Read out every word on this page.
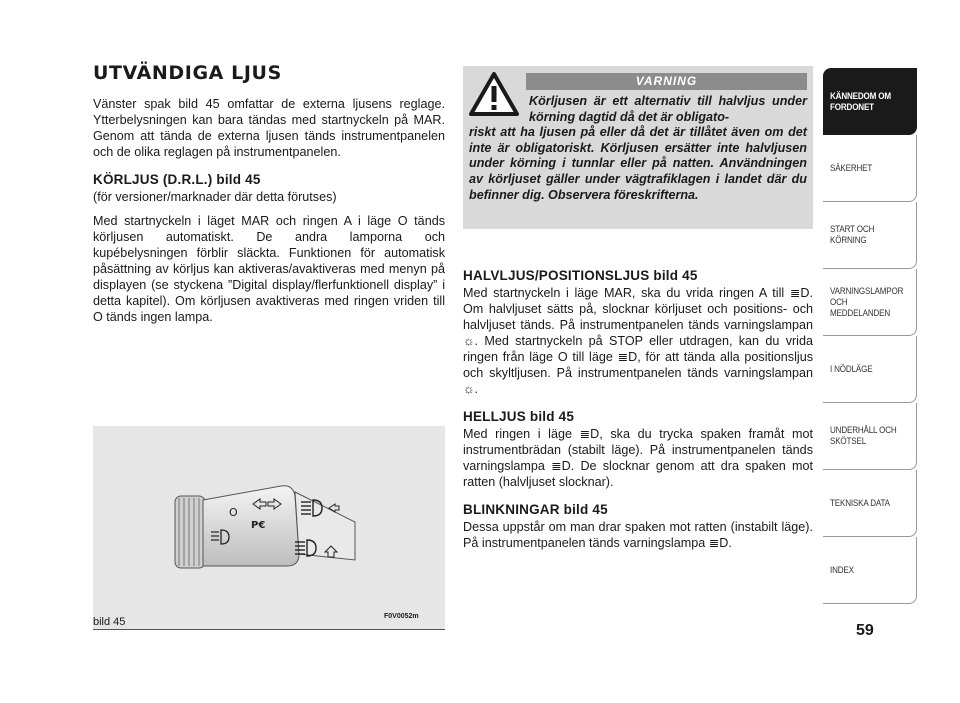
UTVÄNDIGA LJUS

Vänster spak bild 45 omfattar de externa ljusens reglage. Ytterbelysningen kan bara tändas med startnyckeln på MAR. Genom att tända de externa ljusen tänds instrumentpanelen och de olika reglagen på instrumentpanelen.

KÖRLJUS (D.R.L.) bild 45
(för versioner/marknader där detta förutses)

Med startnyckeln i läget MAR och ringen A i läge O tänds körljusen automatiskt. De andra lamporna och kupébelysningen förblir släckta. Funktionen för automatisk påsättning av körljus kan aktiveras/avaktiveras med menyn på displayen (se styckena ”Digital display/flerfunktionell display” i detta kapitel). Om körljusen avaktiveras med ringen vriden till O tänds ingen lampa.

VARNING
Körljusen är ett alternativ till halvljus under körning dagtid då det är obligato-
riskt att ha ljusen på eller då det är tillåtet även om det inte är obligatoriskt. Körljusen ersätter inte halvljusen under körning i tunnlar eller på natten. Användningen av körljuset gäller under vägtrafiklagen i landet där du befinner dig. Observera föreskrifterna.
HALVLJUS/POSITIONSLJUS bild 45

Med startnyckeln i läge MAR, ska du vrida ringen A till ≣D. Om halvljuset sätts på, slocknar körljuset och positions- och halvljuset tänds. På instrumentpanelen tänds varningslampan ☼. Med startnyckeln på STOP eller utdragen, kan du vrida ringen från läge O till läge ≣D, för att tända alla positionsljus och skyltljusen. På instrumentpanelen tänds varningslampan ☼.

HELLJUS bild 45

Med ringen i läge ≣D, ska du trycka spaken framåt mot instrumentbrädan (stabilt läge). På instrumentpanelen tänds varningslampa ≣D. De slocknar genom att dra spaken mot ratten (halvljuset slocknar).

BLINKNINGAR bild 45

Dessa uppstår om man drar spaken mot ratten (instabilt läge). På instrumentpanelen tänds varningslampa ≣D.

O
P€
bild 45	F0V0052m
KÄNNEDOM OM FORDONET
SÄKERHET
START OCH KÖRNING
VARNINGSLAMPOR OCH MEDDELANDEN
I NÖDLÄGE
UNDERHÅLL OCH SKÖTSEL
TEKNISKA DATA
INDEX
59
